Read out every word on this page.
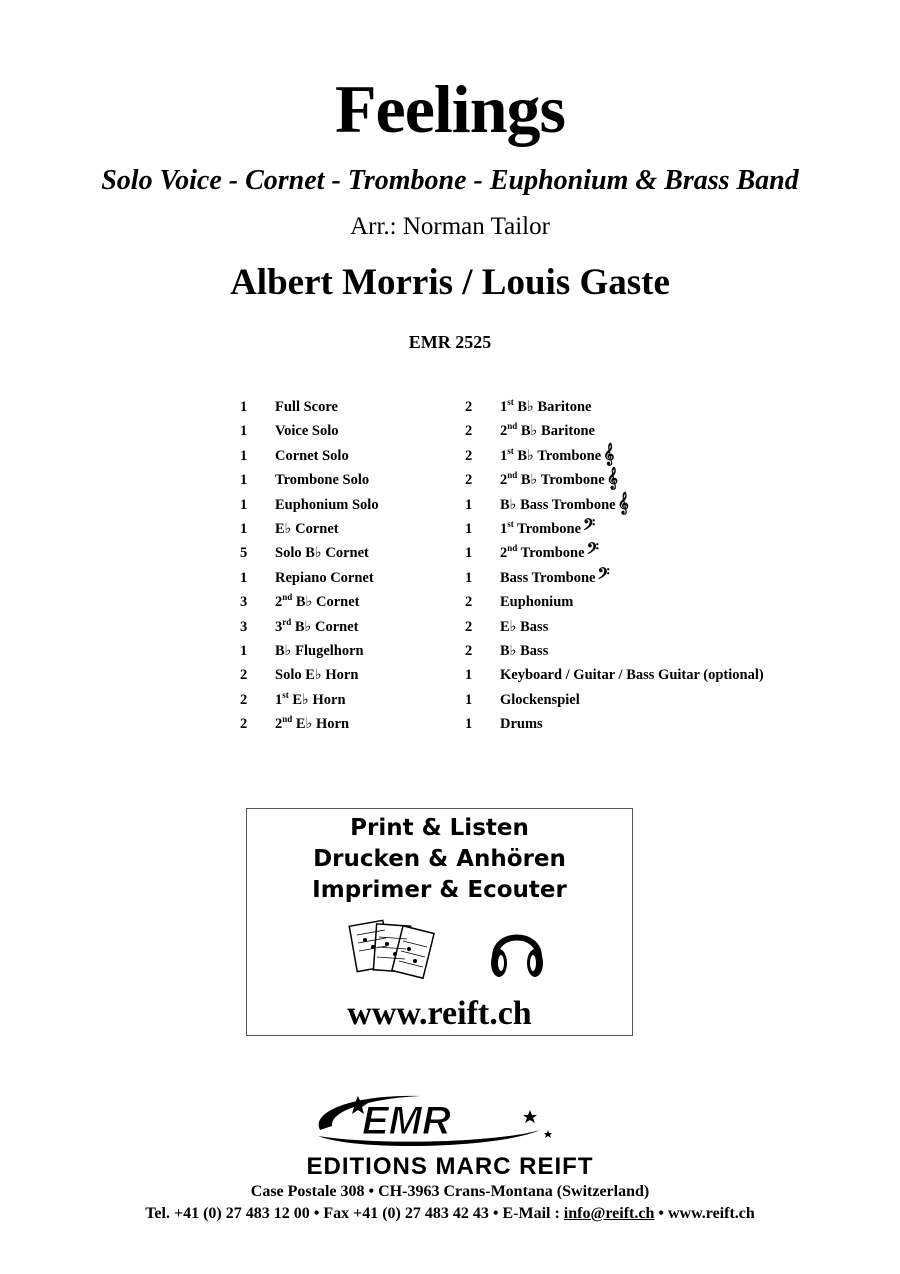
Feelings
Solo Voice - Cornet - Trombone - Euphonium & Brass Band
Arr.: Norman Tailor
Albert Morris / Louis Gaste
EMR 2525
1	Full Score
1	Voice Solo
1	Cornet Solo
1	Trombone Solo
1	Euphonium Solo
1	E♭ Cornet
5	Solo B♭ Cornet
1	Repiano Cornet
3	2nd B♭ Cornet
3	3rd B♭ Cornet
1	B♭ Flugelhorn
2	Solo E♭ Horn
2	1st E♭ Horn
2	2nd E♭ Horn
2	1st B♭ Baritone
2	2nd B♭ Baritone
2	1st B♭ Trombone 𝄞
2	2nd B♭ Trombone 𝄞
1	B♭ Bass Trombone 𝄞
1	1st Trombone 𝄢
1	2nd Trombone 𝄢
1	Bass Trombone 𝄢
2	Euphonium
2	E♭ Bass
2	B♭ Bass
1	Keyboard / Guitar / Bass Guitar (optional)
1	Glockenspiel
1	Drums
Print & Listen
Drucken & Anhören
Imprimer & Ecouter
www.reift.ch
EMR
EDITIONS MARC REIFT
Case Postale 308 • CH-3963 Crans-Montana (Switzerland)
Tel. +41 (0) 27 483 12 00 • Fax +41 (0) 27 483 42 43 • E-Mail : info@reift.ch • www.reift.ch
